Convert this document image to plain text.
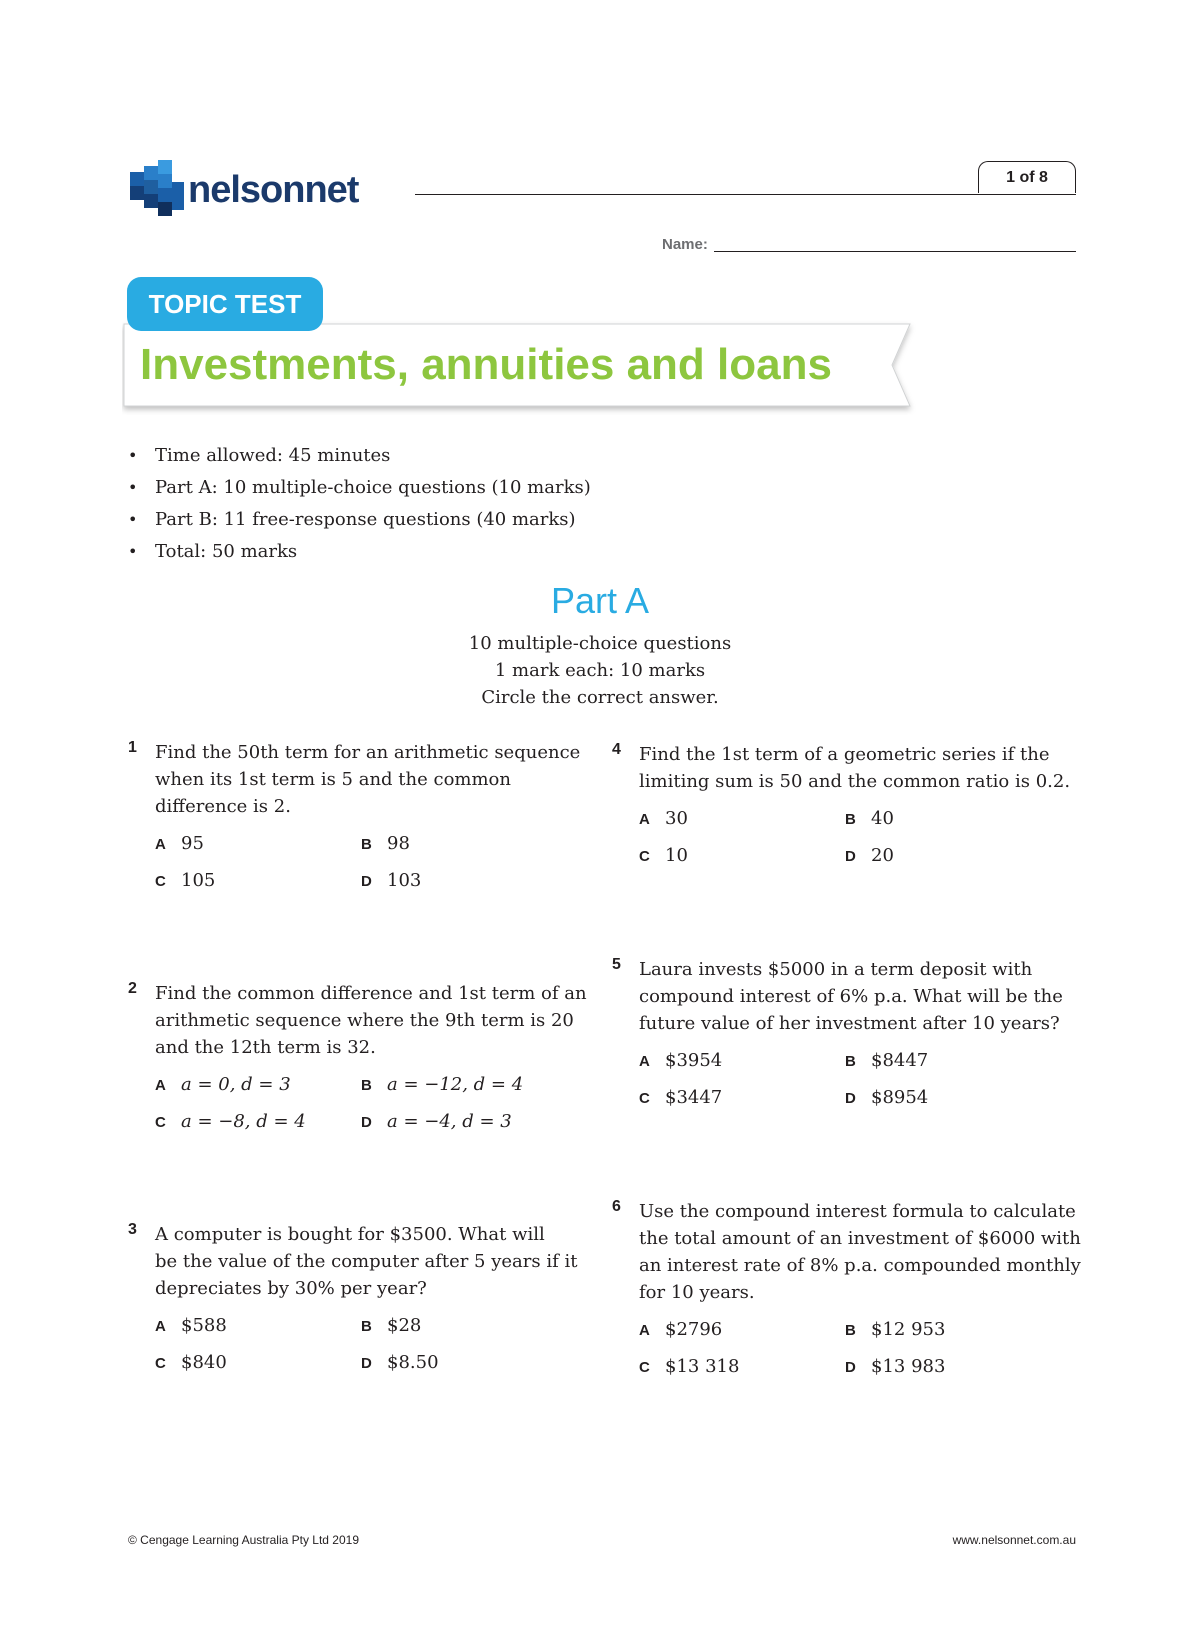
nelsonnet	1 of 8
Name:
TOPIC TEST
Investments, annuities and loans
• Time allowed: 45 minutes
• Part A: 10 multiple-choice questions (10 marks)
• Part B: 11 free-response questions (40 marks)
• Total: 50 marks
Part A
10 multiple-choice questions
1 mark each: 10 marks
Circle the correct answer.
1 Find the 50th term for an arithmetic sequence
when its 1st term is 5 and the common
difference is 2.
A 95	B 98
C 105	D 103
2 Find the common difference and 1st term of an
arithmetic sequence where the 9th term is 20
and the 12th term is 32.
A a = 0, d = 3	B a = −12, d = 4
C a = −8, d = 4	D a = −4, d = 3
3 A computer is bought for $3500. What will
be the value of the computer after 5 years if it
depreciates by 30% per year?
A $588	B $28
C $840	D $8.50
4 Find the 1st term of a geometric series if the
limiting sum is 50 and the common ratio is 0.2.
A 30	B 40
C 10	D 20
5 Laura invests $5000 in a term deposit with
compound interest of 6% p.a. What will be the
future value of her investment after 10 years?
A $3954	B $8447
C $3447	D $8954
6 Use the compound interest formula to calculate
the total amount of an investment of $6000 with
an interest rate of 8% p.a. compounded monthly
for 10 years.
A $2796	B $12 953
C $13 318	D $13 983
© Cengage Learning Australia Pty Ltd 2019	www.nelsonnet.com.au
